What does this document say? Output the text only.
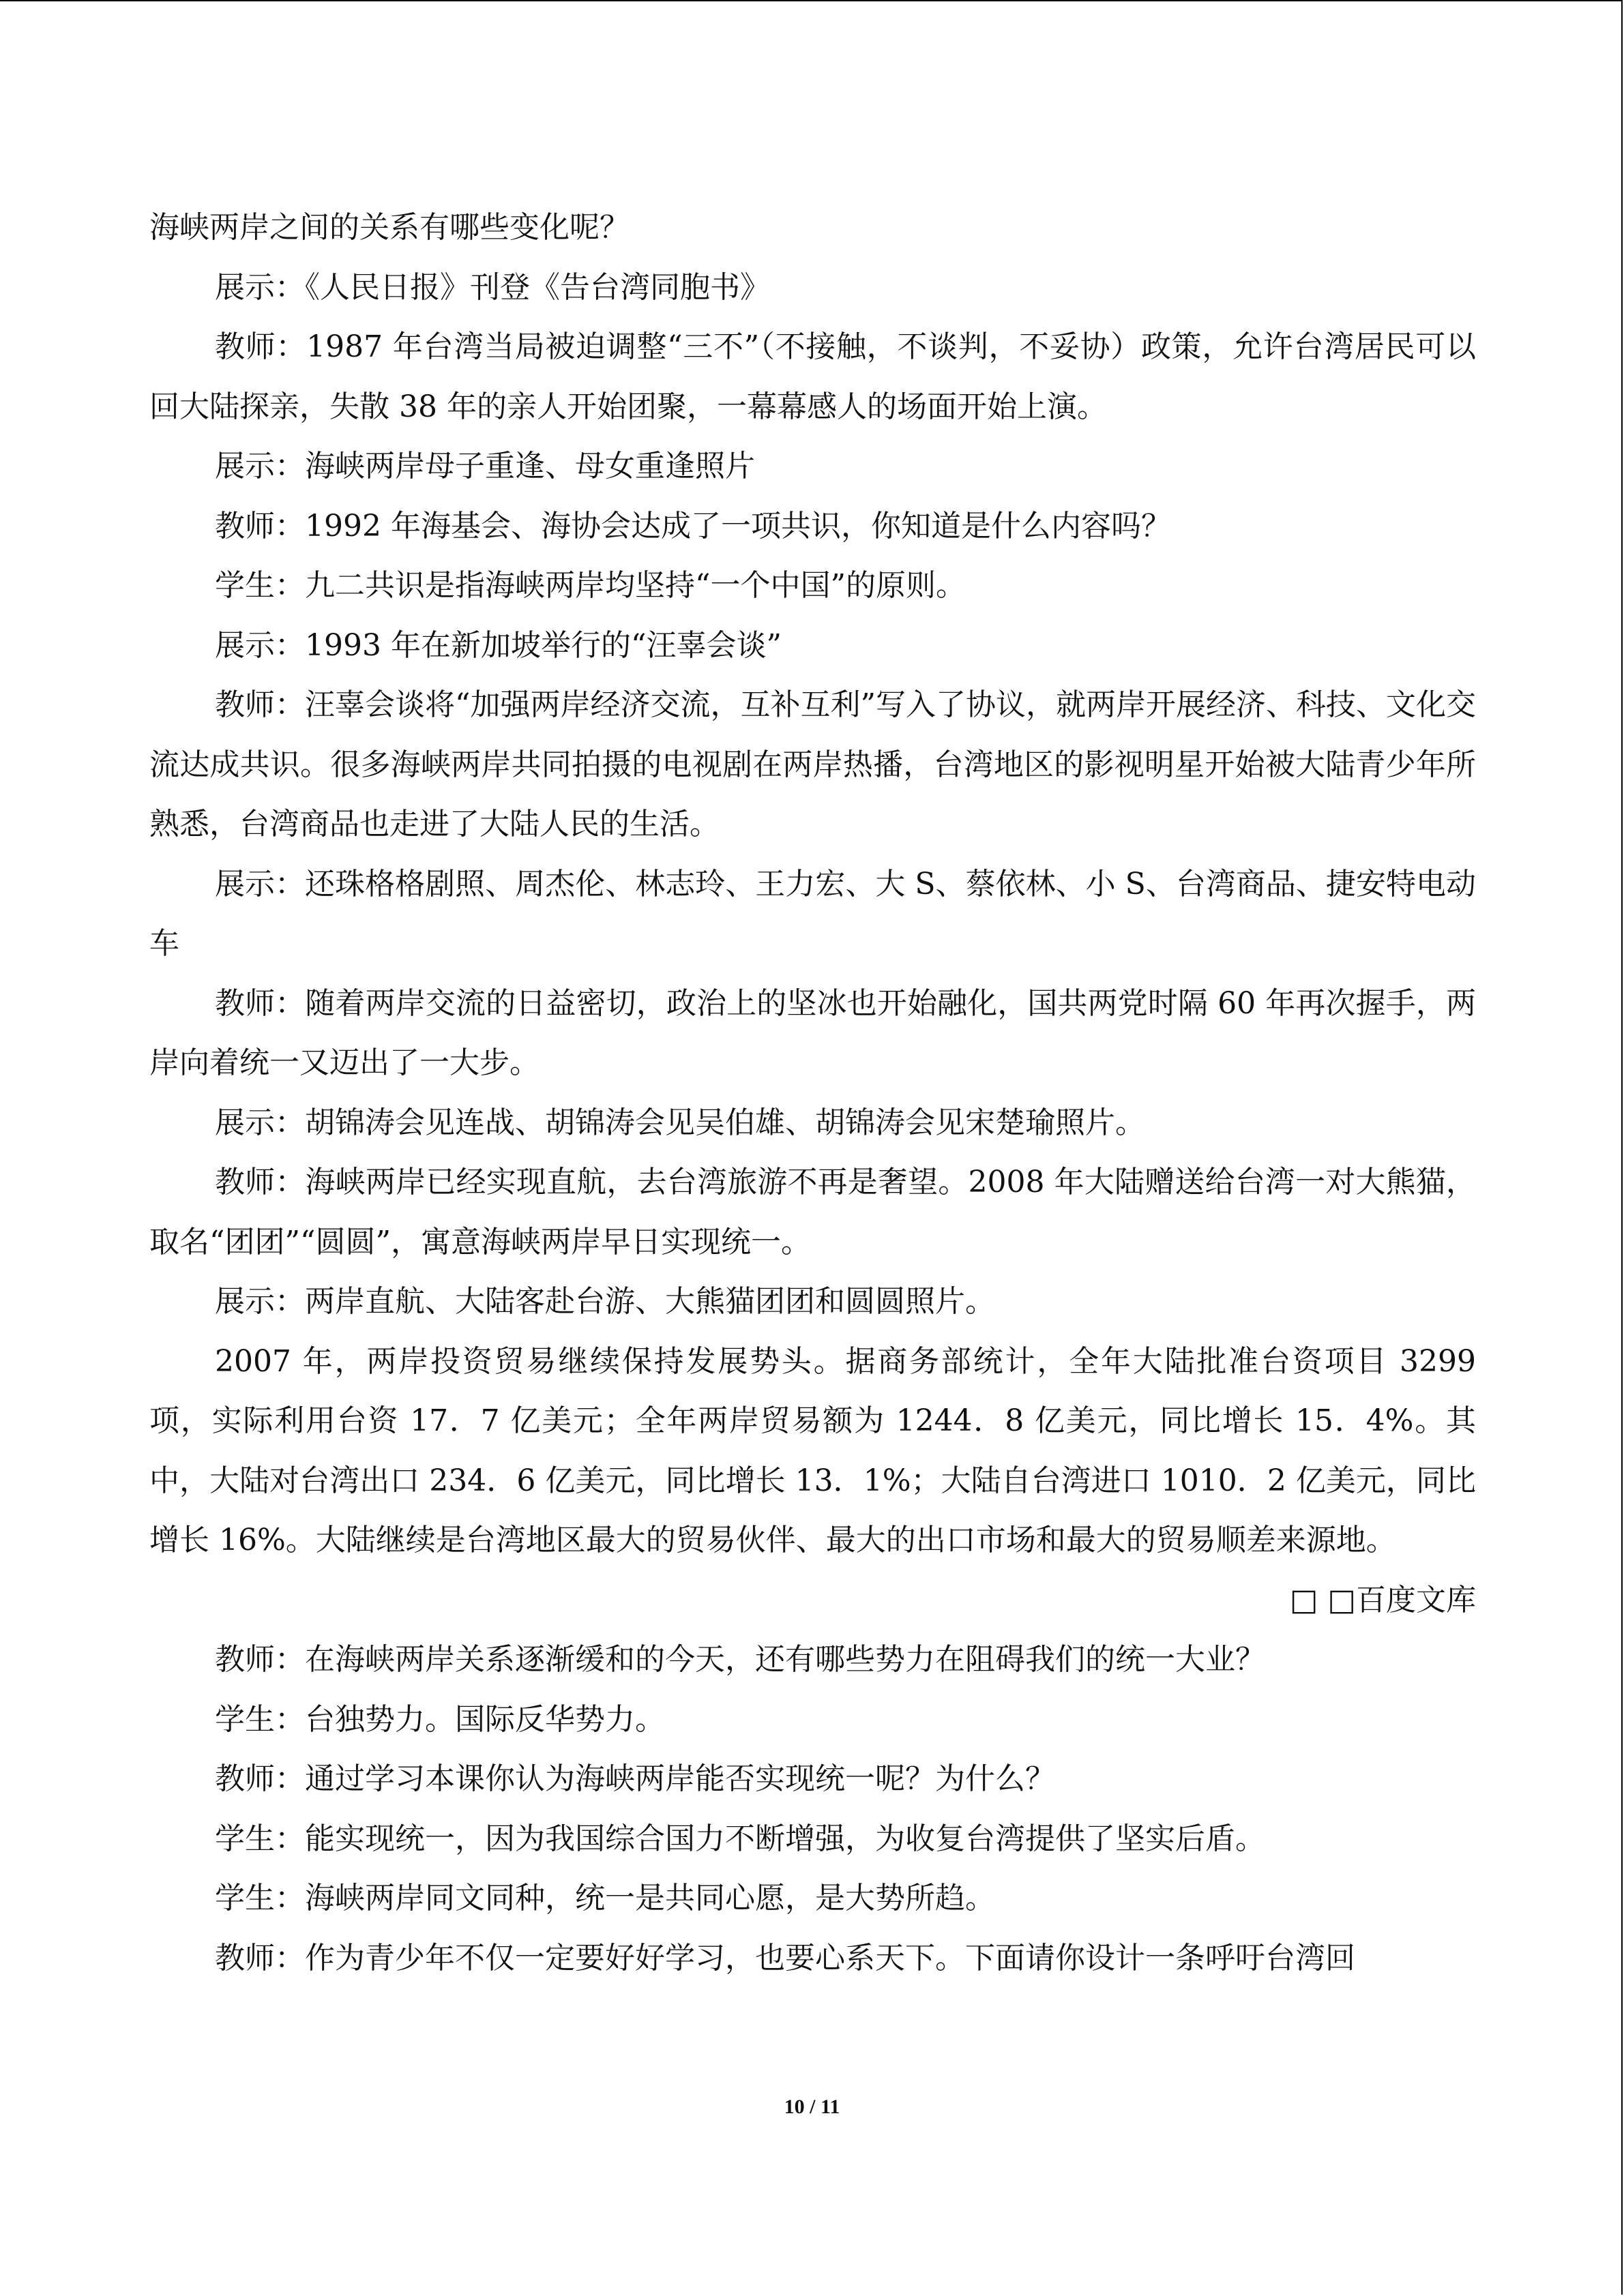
海峡两岸之间的关系有哪些变化呢？

展示：《人民日报》刊登《告台湾同胞书》

教师：1987 年台湾当局被迫调整“三不”（不接触，不谈判，不妥协）政策，允许台湾居民可以回大陆探亲，失散 38 年的亲人开始团聚，一幕幕感人的场面开始上演。

展示：海峡两岸母子重逢、母女重逢照片

教师：1992 年海基会、海协会达成了一项共识，你知道是什么内容吗？

学生：九二共识是指海峡两岸均坚持“一个中国”的原则。

展示：1993 年在新加坡举行的“汪辜会谈”

教师：汪辜会谈将“加强两岸经济交流，互补互利”写入了协议，就两岸开展经济、科技、文化交流达成共识。很多海峡两岸共同拍摄的电视剧在两岸热播，台湾地区的影视明星开始被大陆青少年所熟悉，台湾商品也走进了大陆人民的生活。

展示：还珠格格剧照、周杰伦、林志玲、王力宏、大 S、蔡依林、小 S、台湾商品、捷安特电动车

教师：随着两岸交流的日益密切，政治上的坚冰也开始融化，国共两党时隔 60 年再次握手，两岸向着统一又迈出了一大步。

展示：胡锦涛会见连战、胡锦涛会见吴伯雄、胡锦涛会见宋楚瑜照片。

教师：海峡两岸已经实现直航，去台湾旅游不再是奢望。2008 年大陆赠送给台湾一对大熊猫，取名“团团”“圆圆”，寓意海峡两岸早日实现统一。

展示：两岸直航、大陆客赴台游、大熊猫团团和圆圆照片。

2007 年，两岸投资贸易继续保持发展势头。据商务部统计，全年大陆批准台资项目 3299 项，实际利用台资 17．7 亿美元；全年两岸贸易额为 1244．8 亿美元，同比增长 15．4%。其中，大陆对台湾出口 234．6 亿美元，同比增长 13．1%；大陆自台湾进口 1010．2 亿美元，同比增长 16%。大陆继续是台湾地区最大的贸易伙伴、最大的出口市场和最大的贸易顺差来源地。

□ □百度文库

教师：在海峡两岸关系逐渐缓和的今天，还有哪些势力在阻碍我们的统一大业？

学生：台独势力。国际反华势力。

教师：通过学习本课你认为海峡两岸能否实现统一呢？为什么？

学生：能实现统一，因为我国综合国力不断增强，为收复台湾提供了坚实后盾。

学生：海峡两岸同文同种，统一是共同心愿，是大势所趋。

教师：作为青少年不仅一定要好好学习，也要心系天下。下面请你设计一条呼吁台湾回

10 / 11
